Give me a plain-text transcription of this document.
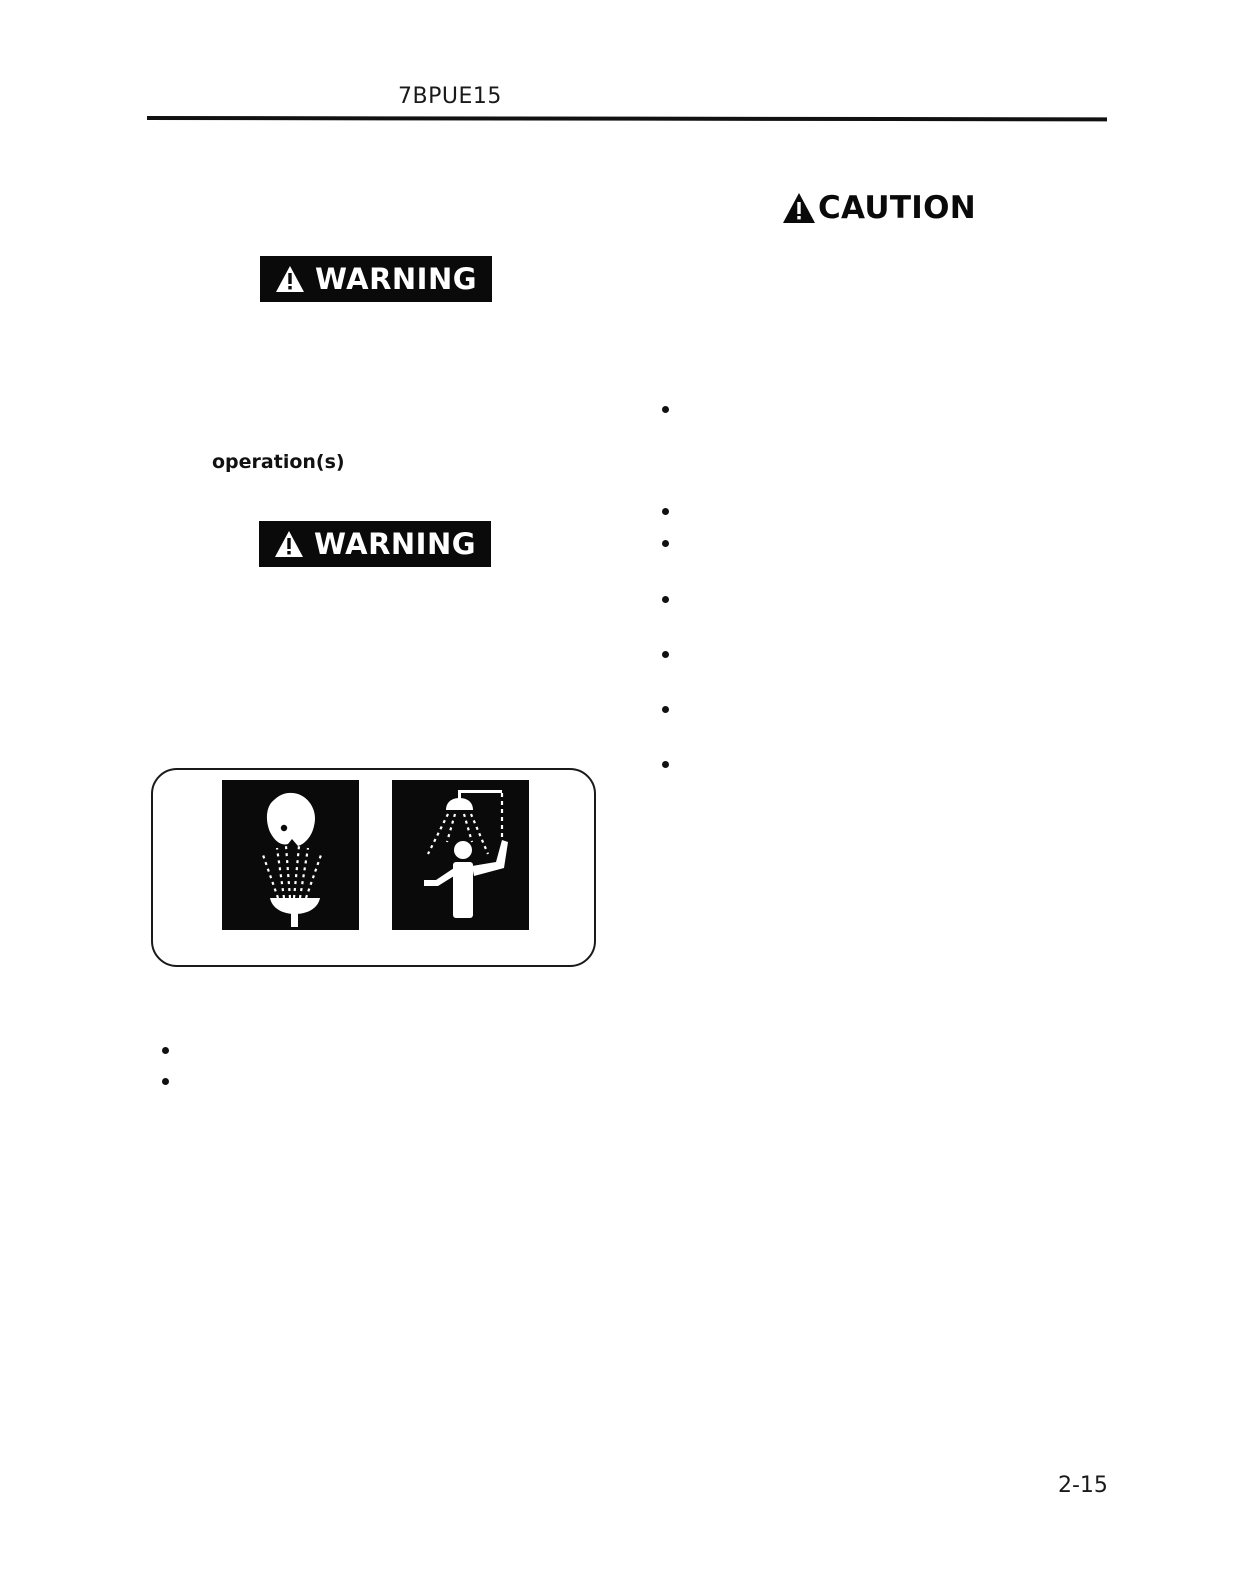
7BPUE15
WARNING
CAUTION
operation(s)
WARNING
2-15
